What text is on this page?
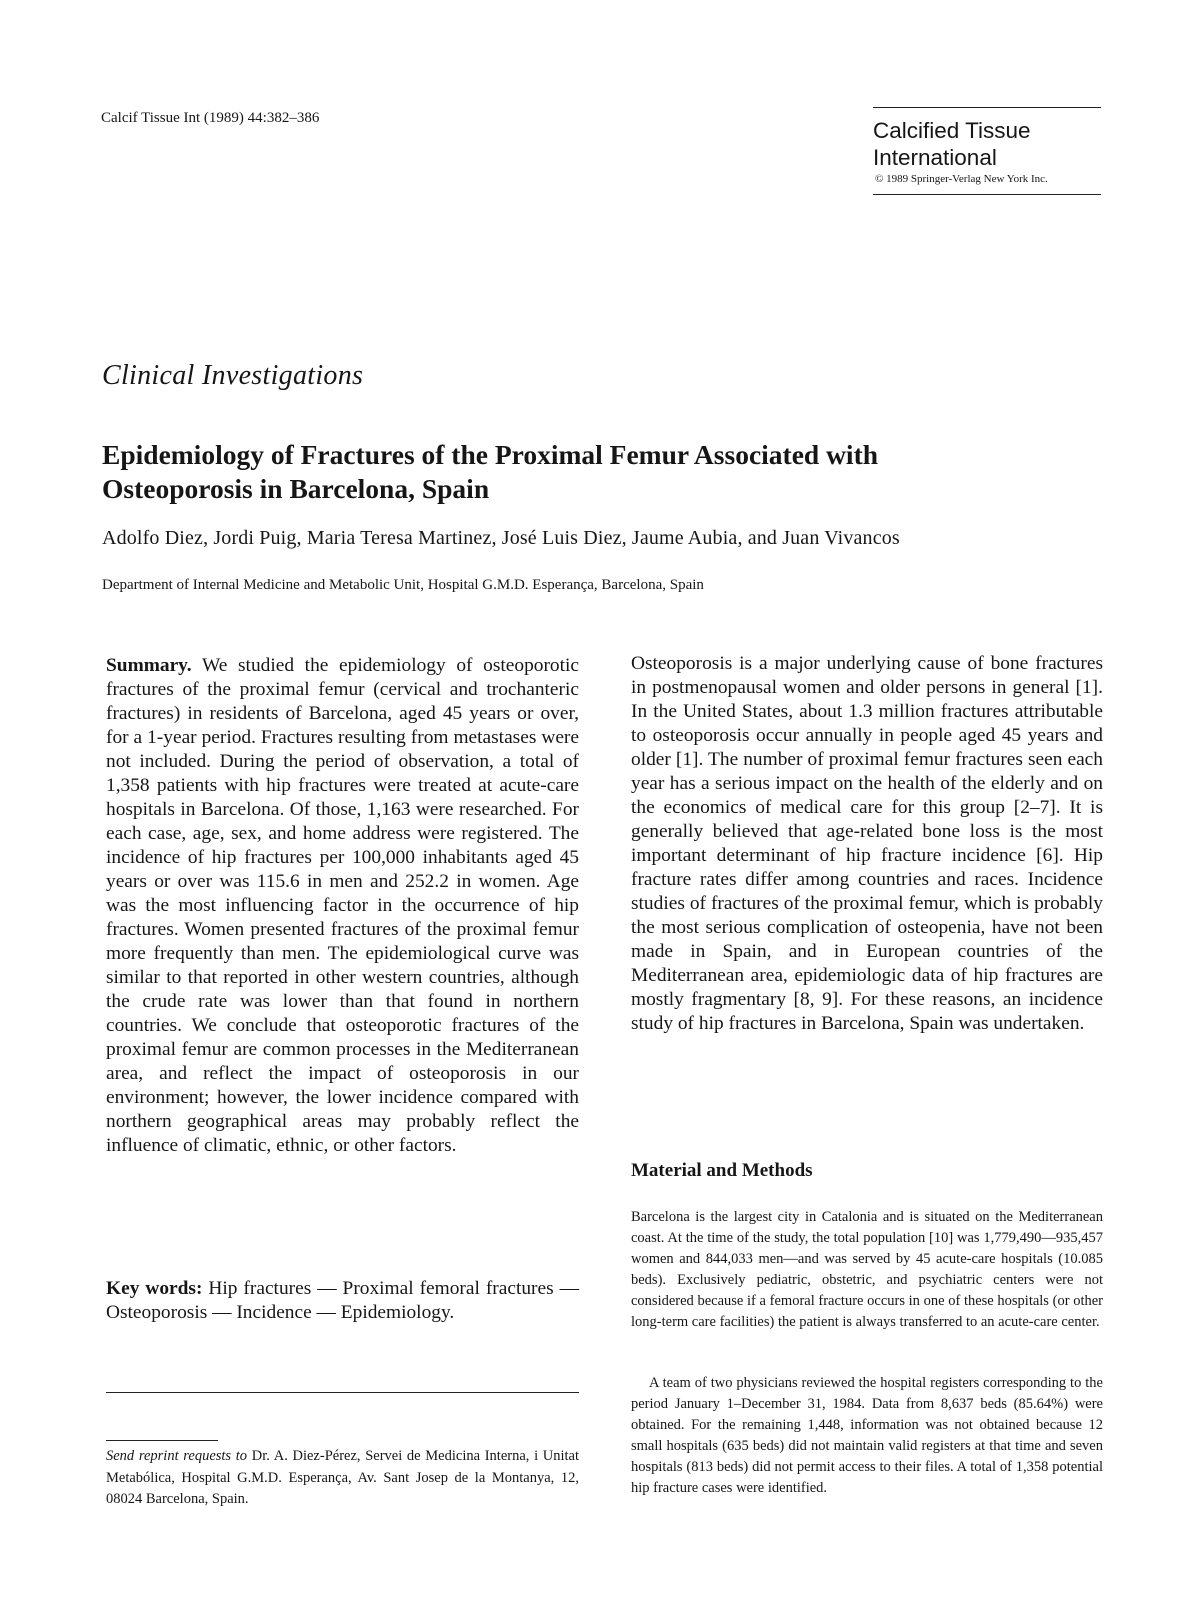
Calcif Tissue Int (1989) 44:382–386	Calcified Tissue International
© 1989 Springer-Verlag New York Inc.
Clinical Investigations
Epidemiology of Fractures of the Proximal Femur Associated with Osteoporosis in Barcelona, Spain
Adolfo Diez, Jordi Puig, Maria Teresa Martinez, José Luis Diez, Jaume Aubia, and Juan Vivancos
Department of Internal Medicine and Metabolic Unit, Hospital G.M.D. Esperança, Barcelona, Spain
Summary. We studied the epidemiology of osteoporotic fractures of the proximal femur (cervical and trochanteric fractures) in residents of Barcelona, aged 45 years or over, for a 1-year period. Fractures resulting from metastases were not included. During the period of observation, a total of 1,358 patients with hip fractures were treated at acute-care hospitals in Barcelona. Of those, 1,163 were researched. For each case, age, sex, and home address were registered. The incidence of hip fractures per 100,000 inhabitants aged 45 years or over was 115.6 in men and 252.2 in women. Age was the most influencing factor in the occurrence of hip fractures. Women presented fractures of the proximal femur more frequently than men. The epidemiological curve was similar to that reported in other western countries, although the crude rate was lower than that found in northern countries. We conclude that osteoporotic fractures of the proximal femur are common processes in the Mediterranean area, and reflect the impact of osteoporosis in our environment; however, the lower incidence compared with northern geographical areas may probably reflect the influence of climatic, ethnic, or other factors.
Key words: Hip fractures — Proximal femoral fractures — Osteoporosis — Incidence — Epidemiology.
Send reprint requests to Dr. A. Diez-Pérez, Servei de Medicina Interna, i Unitat Metabólica, Hospital G.M.D. Esperança, Av. Sant Josep de la Montanya, 12, 08024 Barcelona, Spain.
Osteoporosis is a major underlying cause of bone fractures in postmenopausal women and older persons in general [1]. In the United States, about 1.3 million fractures attributable to osteoporosis occur annually in people aged 45 years and older [1]. The number of proximal femur fractures seen each year has a serious impact on the health of the elderly and on the economics of medical care for this group [2–7]. It is generally believed that age-related bone loss is the most important determinant of hip fracture incidence [6]. Hip fracture rates differ among countries and races. Incidence studies of fractures of the proximal femur, which is probably the most serious complication of osteopenia, have not been made in Spain, and in European countries of the Mediterranean area, epidemiologic data of hip fractures are mostly fragmentary [8, 9]. For these reasons, an incidence study of hip fractures in Barcelona, Spain was undertaken.
Material and Methods
Barcelona is the largest city in Catalonia and is situated on the Mediterranean coast. At the time of the study, the total population [10] was 1,779,490—935,457 women and 844,033 men—and was served by 45 acute-care hospitals (10.085 beds). Exclusively pediatric, obstetric, and psychiatric centers were not considered because if a femoral fracture occurs in one of these hospitals (or other long-term care facilities) the patient is always transferred to an acute-care center.
A team of two physicians reviewed the hospital registers corresponding to the period January 1–December 31, 1984. Data from 8,637 beds (85.64%) were obtained. For the remaining 1,448, information was not obtained because 12 small hospitals (635 beds) did not maintain valid registers at that time and seven hospitals (813 beds) did not permit access to their files. A total of 1,358 potential hip fracture cases were identified.
